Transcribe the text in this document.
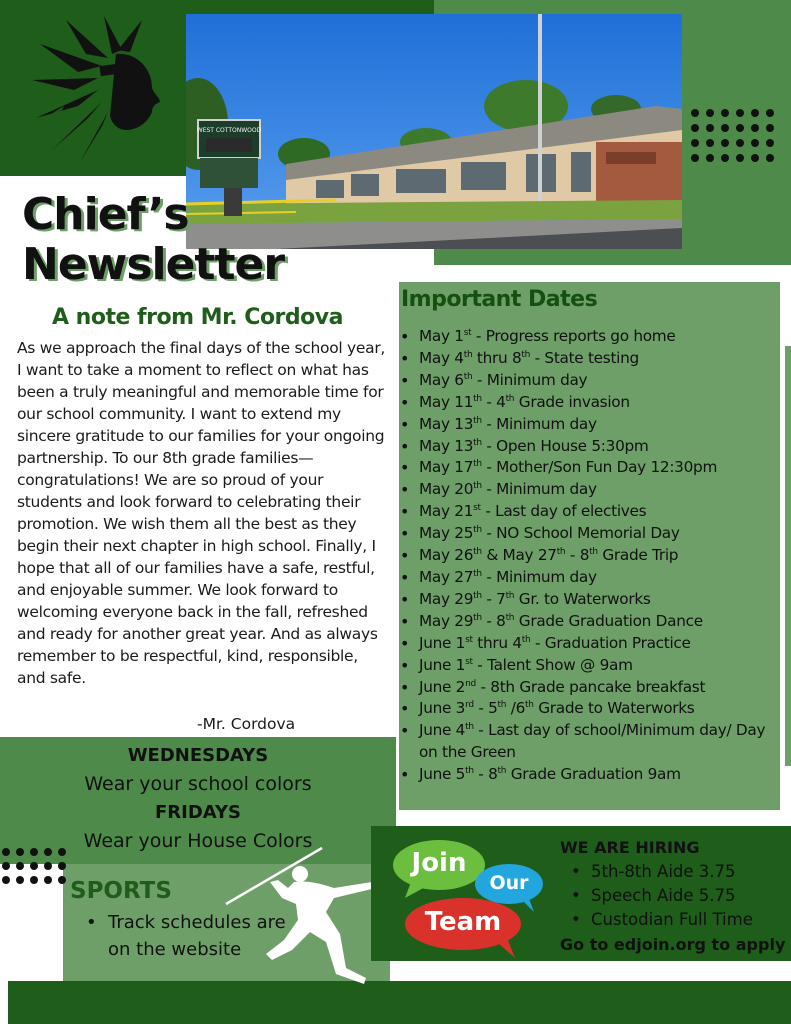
WEST COTTONWOOD
Chief’s
Newsletter
A note from Mr. Cordova

As we approach the final days of the school year, I want to take a moment to reflect on what has been a truly meaningful and memorable time for our school community. I want to extend my sincere gratitude to our families for your ongoing partnership. To our 8th grade families—congratulations! We are so proud of your students and look forward to celebrating their promotion. We wish them all the best as they begin their next chapter in high school. Finally, I hope that all of our families have a safe, restful, and enjoyable summer. We look forward to welcoming everyone back in the fall, refreshed and ready for another great year. And as always remember to be respectful, kind, responsible, and safe.

-Mr. Cordova
Important Dates
• May 1st - Progress reports go home
• May 4th thru 8th - State testing
• May 6th - Minimum day
• May 11th - 4th Grade invasion
• May 13th - Minimum day
• May 13th - Open House 5:30pm
• May 17th - Mother/Son Fun Day 12:30pm
• May 20th - Minimum day
• May 21st - Last day of electives
• May 25th - NO School Memorial Day
• May 26th & May 27th - 8th Grade Trip
• May 27th - Minimum day
• May 29th - 7th Gr. to Waterworks
• May 29th - 8th Grade Graduation Dance
• June 1st thru 4th - Graduation Practice
• June 1st - Talent Show @ 9am
• June 2nd - 8th Grade pancake breakfast
• June 3rd - 5th /6th Grade to Waterworks
• June 4th - Last day of school/Minimum day/ Day on the Green
• June 5th - 8th Grade Graduation 9am
WEDNESDAYS
Wear your school colors
FRIDAYS
Wear your House Colors
SPORTS
• Track schedules are on the website
Join
Our
Team
WE ARE HIRING
• 5th-8th Aide 3.75
• Speech Aide 5.75
• Custodian Full Time
Go to edjoin.org to apply
